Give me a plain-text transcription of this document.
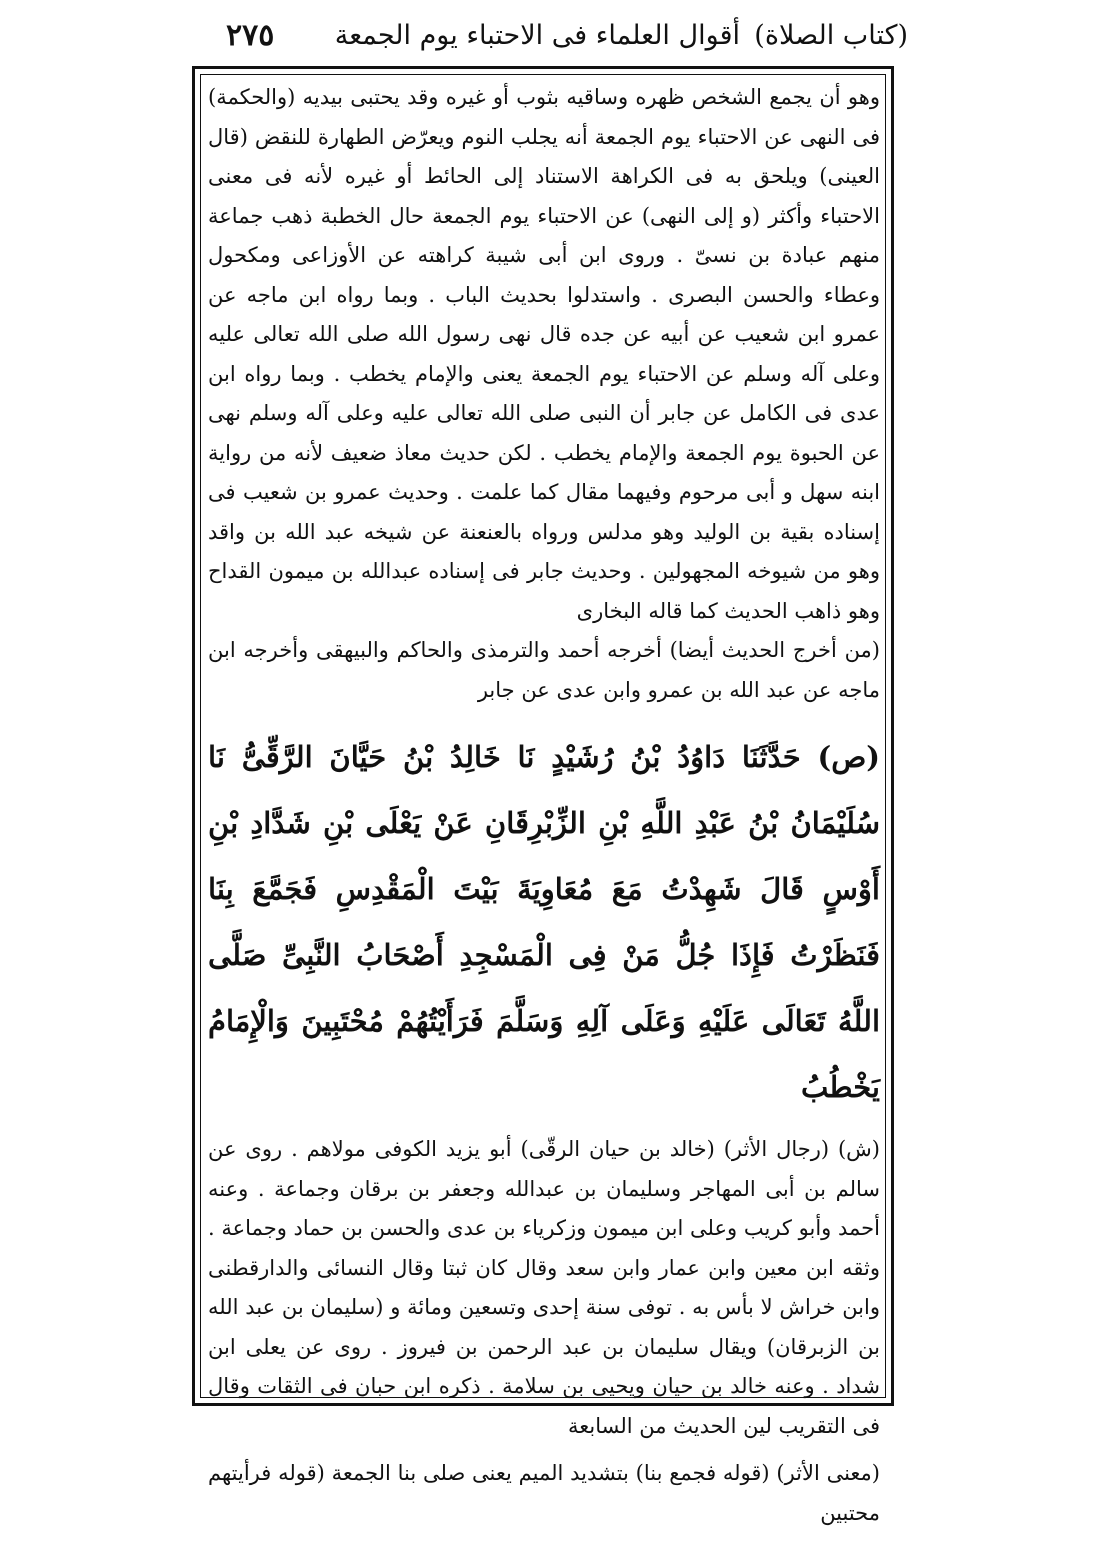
(كتاب الصلاة)
أقوال العلماء فى الاحتباء يوم الجمعة
٢٧٥

وهو أن يجمع الشخص ظهره وساقيه بثوب أو غيره وقد يحتبى بيديه (والحكمة) فى النهى عن الاحتباء يوم الجمعة أنه يجلب النوم ويعرّض الطهارة للنقض (قال العينى) ويلحق به فى الكراهة الاستناد إلى الحائط أو غيره لأنه فى معنى الاحتباء وأكثر (و إلى النهى) عن الاحتباء يوم الجمعة حال الخطبة ذهب جماعة منهم عبادة بن نسىّ . وروى ابن أبى شيبة كراهته عن الأوزاعى ومكحول وعطاء والحسن البصرى . واستدلوا بحديث الباب . وبما رواه ابن ماجه عن عمرو ابن شعيب عن أبيه عن جده قال نهى رسول الله صلى الله تعالى عليه وعلى آله وسلم عن الاحتباء يوم الجمعة يعنى والإمام يخطب . وبما رواه ابن عدى فى الكامل عن جابر أن النبى صلى الله تعالى عليه وعلى آله وسلم نهى عن الحبوة يوم الجمعة والإمام يخطب . لكن حديث معاذ ضعيف لأنه من رواية ابنه سهل و أبى مرحوم وفيهما مقال كما علمت . وحديث عمرو بن شعيب فى إسناده بقية بن الوليد وهو مدلس ورواه بالعنعنة عن شيخه عبد الله بن واقد وهو من شيوخه المجهولين . وحديث جابر فى إسناده عبدالله بن ميمون القداح وهو ذاهب الحديث كما قاله البخارى

(من أخرج الحديث أيضا) أخرجه أحمد والترمذى والحاكم والبيهقى وأخرجه ابن ماجه عن عبد الله بن عمرو وابن عدى عن جابر

(ص) حَدَّثَنَا دَاوُدُ بْنُ رُشَيْدٍ نَا خَالِدُ بْنُ حَيَّانَ الرَّقِّىُّ نَا سُلَيْمَانُ بْنُ عَبْدِ اللَّهِ بْنِ الزِّبْرِقَانِ عَنْ يَعْلَى بْنِ شَدَّادِ بْنِ أَوْسٍ قَالَ شَهِدْتُ مَعَ مُعَاوِيَةَ بَيْتَ الْمَقْدِسِ فَجَمَّعَ بِنَا فَنَظَرْتُ فَإِذَا جُلُّ مَنْ فِى الْمَسْجِدِ أَصْحَابُ النَّبِىِّ صَلَّى اللَّهُ تَعَالَى عَلَيْهِ وَعَلَى آلِهِ وَسَلَّمَ فَرَأَيْتُهُمْ مُحْتَبِينَ وَالْإِمَامُ يَخْطُبُ

(ش) (رجال الأثر) (خالد بن حيان الرقّى) أبو يزيد الكوفى مولاهم . روى عن سالم بن أبى المهاجر وسليمان بن عبدالله وجعفر بن برقان وجماعة . وعنه أحمد وأبو كريب وعلى ابن ميمون وزكرياء بن عدى والحسن بن حماد وجماعة . وثقه ابن معين وابن عمار وابن سعد وقال كان ثبتا وقال النسائى والدارقطنى وابن خراش لا بأس به . توفى سنة إحدى وتسعين ومائة و (سليمان بن عبد الله بن الزبرقان) ويقال سليمان بن عبد الرحمن بن فيروز . روى عن يعلى ابن شداد . وعنه خالد بن حيان ويحيى بن سلامة . ذكره ابن حبان فى الثقات وقال فى التقريب لين الحديث من السابعة

(معنى الأثر) (قوله فجمع بنا) بتشديد الميم يعنى صلى بنا الجمعة (قوله فرأيتهم محتبين
